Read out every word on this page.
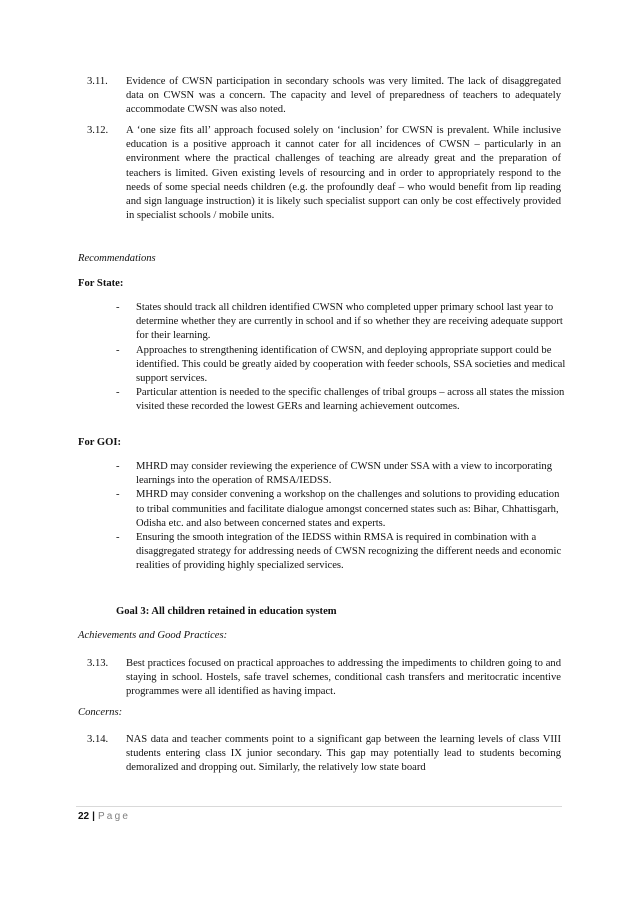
3.11. Evidence of CWSN participation in secondary schools was very limited. The lack of disaggregated data on CWSN was a concern. The capacity and level of preparedness of teachers to adequately accommodate CWSN was also noted.
3.12. A ‘one size fits all’ approach focused solely on ‘inclusion’ for CWSN is prevalent. While inclusive education is a positive approach it cannot cater for all incidences of CWSN – particularly in an environment where the practical challenges of teaching are already great and the preparation of teachers is limited. Given existing levels of resourcing and in order to appropriately respond to the needs of some special needs children (e.g. the profoundly deaf – who would benefit from lip reading and sign language instruction) it is likely such specialist support can only be cost effectively provided in specialist schools / mobile units.
Recommendations
For State:
- States should track all children identified CWSN who completed upper primary school last year to determine whether they are currently in school and if so whether they are receiving adequate support for their learning.
- Approaches to strengthening identification of CWSN, and deploying appropriate support could be identified. This could be greatly aided by cooperation with feeder schools, SSA societies and medical support services.
- Particular attention is needed to the specific challenges of tribal groups – across all states the mission visited these recorded the lowest GERs and learning achievement outcomes.
For GOI:
- MHRD may consider reviewing the experience of CWSN under SSA with a view to incorporating learnings into the operation of RMSA/IEDSS.
- MHRD may consider convening a workshop on the challenges and solutions to providing education to tribal communities and facilitate dialogue amongst concerned states such as: Bihar, Chhattisgarh, Odisha etc. and also between concerned states and experts.
- Ensuring the smooth integration of the IEDSS within RMSA is required in combination with a disaggregated strategy for addressing needs of CWSN recognizing the different needs and economic realities of providing highly specialized services.
Goal 3: All children retained in education system
Achievements and Good Practices:
3.13. Best practices focused on practical approaches to addressing the impediments to children going to and staying in school. Hostels, safe travel schemes, conditional cash transfers and meritocratic incentive programmes were all identified as having impact.
Concerns:
3.14. NAS data and teacher comments point to a significant gap between the learning levels of class VIII students entering class IX junior secondary. This gap may potentially lead to students becoming demoralized and dropping out. Similarly, the relatively low state board
22 | Page
